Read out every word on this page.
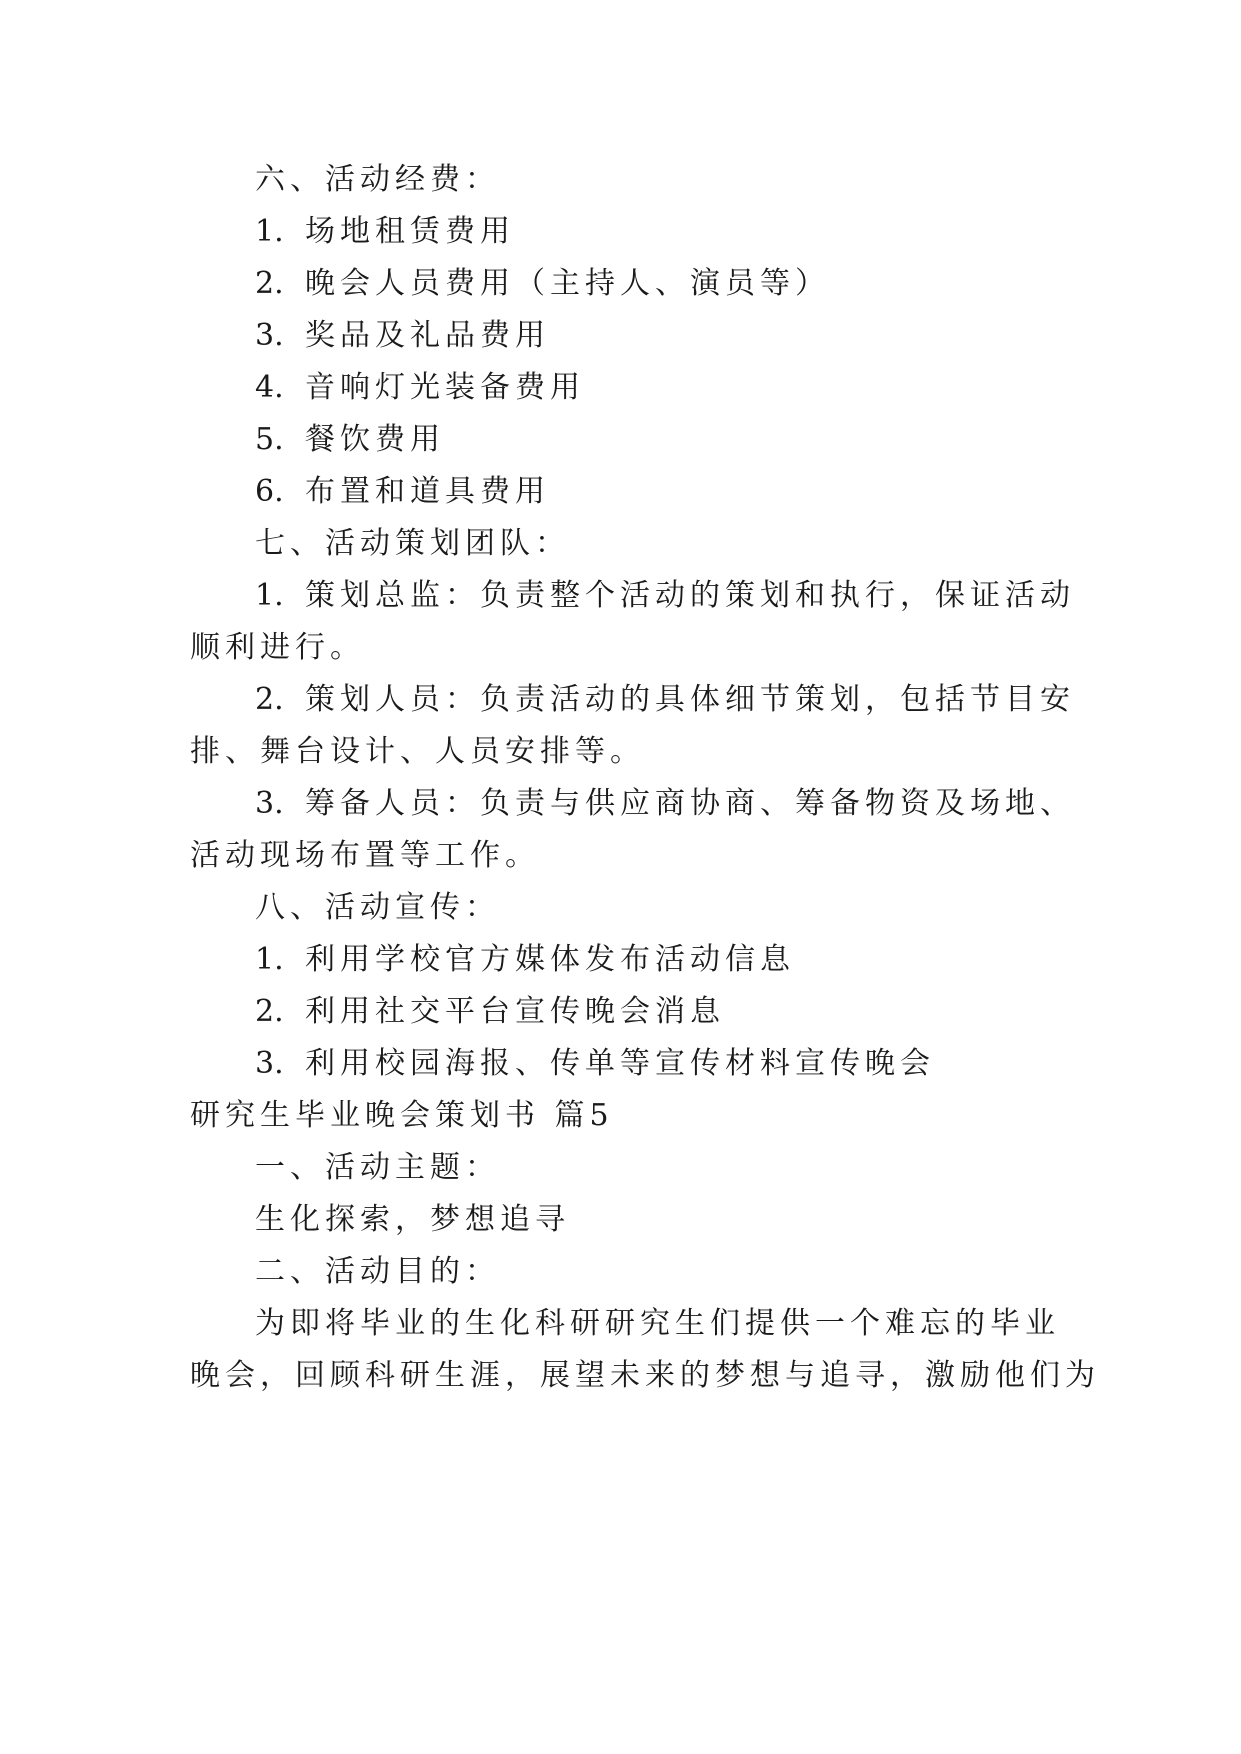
六、活动经费：
1. 场地租赁费用
2. 晚会人员费用（主持人、演员等）
3. 奖品及礼品费用
4. 音响灯光装备费用
5. 餐饮费用
6. 布置和道具费用
七、活动策划团队：
1. 策划总监：负责整个活动的策划和执行，保证活动
顺利进行。
2. 策划人员：负责活动的具体细节策划，包括节目安
排、舞台设计、人员安排等。
3. 筹备人员：负责与供应商协商、筹备物资及场地、
活动现场布置等工作。
八、活动宣传：
1. 利用学校官方媒体发布活动信息
2. 利用社交平台宣传晚会消息
3. 利用校园海报、传单等宣传材料宣传晚会
研究生毕业晚会策划书 篇5
一、活动主题：
生化探索，梦想追寻
二、活动目的：
为即将毕业的生化科研研究生们提供一个难忘的毕业
晚会，回顾科研生涯，展望未来的梦想与追寻，激励他们为
